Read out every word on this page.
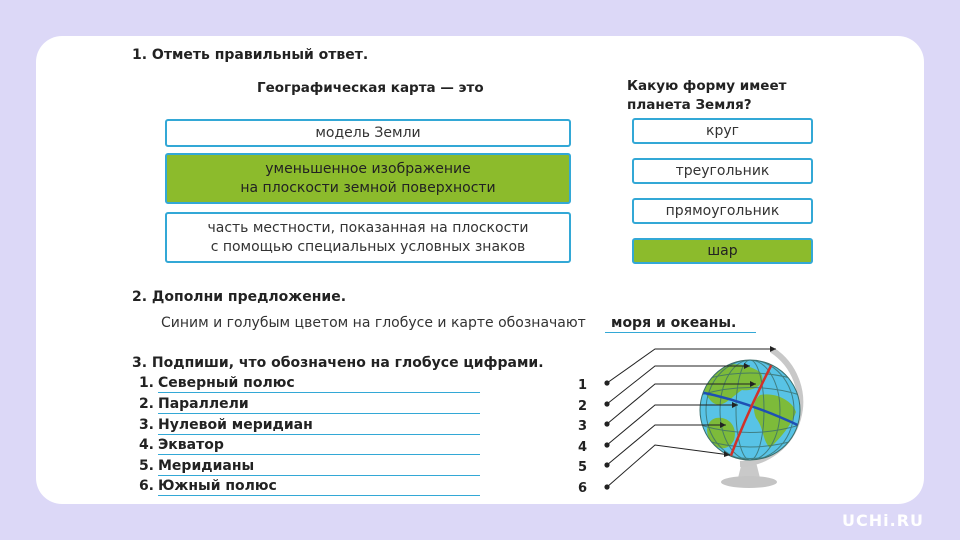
1. Отметь правильный ответ.
Географическая карта — это	Какую форму имеет
планета Земля?
модель Земли
уменьшенное изображение
на плоскости земной поверхности
часть местности, показанная на плоскости
с помощью специальных условных знаков
круг
треугольник
прямоугольник
шар
2. Дополни предложение.
Синим и голубым цветом на глобусе и карте обозначают	моря и океаны.
3. Подпиши, что обозначено на глобусе цифрами.
1. Северный полюс
2. Параллели
3. Нулевой меридиан
4. Экватор
5. Меридианы
6. Южный полюс
1
2
3
4
5
6
UCHi.RU
